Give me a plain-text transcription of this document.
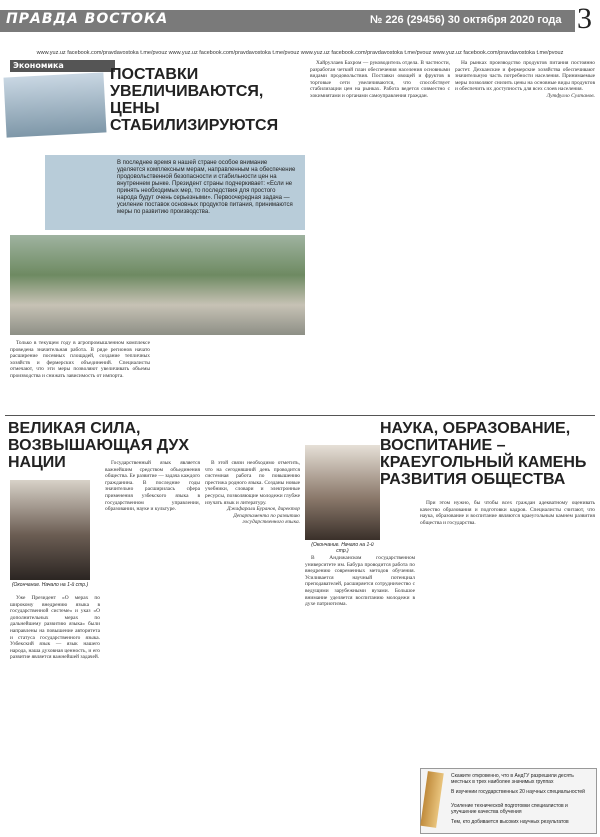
ПРАВДА ВОСТОКА	№ 226 (29456) 30 октября 2020 года 3
www.yuz.uz facebook.com/pravdavostoka t.me/pvouz www.yuz.uz facebook.com/pravdavostoka t.me/pvouz www.yuz.uz facebook.com/pravdavostoka t.me/pvouz www.yuz.uz facebook.com/pravdavostoka t.me/pvouz
Экономика
ПОСТАВКИ УВЕЛИЧИВАЮТСЯ, ЦЕНЫ СТАБИЛИЗИРУЮТСЯ
В последнее время в нашей стране особое внимание уделяется комплексным мерам, направленным на обеспечение продовольственной безопасности и стабильности цен на внутреннем рынке. Президент страны подчеркивает: «Если не принять необходимых мер, то последствия для простого народа будут очень серьезными». Первоочередная задача — усиление поставок основных продуктов питания, принимаются меры по развитию производства.

Только в текущем году в агропромышленном комплексе проведена значительная работа. В ряде регионов начато расширение посевных площадей, создание тепличных хозяйств и фермерских объединений. Специалисты отмечают, что эти меры позволяют увеличивать объемы производства и снижать зависимость от импорта.

Хайруллаев Бахром — руководитель отдела. В частности, разработан четкий план обеспечения населения основными видами продовольствия. Поставки овощей и фруктов в торговые сети увеличиваются, что способствует стабилизации цен на рынках. Работа ведется совместно с хокимиятами и органами самоуправления граждан.

На рынках производство продуктов питания постоянно растет. Дехканские и фермерские хозяйства обеспечивают значительную часть потребности населения. Принимаемые меры позволяют снизить цены на основные виды продуктов и обеспечить их доступность для всех слоев населения.

Лутфулло Султанов.

ВЕЛИКАЯ СИЛА, ВОЗВЫШАЮЩАЯ ДУХ НАЦИИ
(Окончание. Начало на 1-й стр.)

Уже Президент «О мерах по широкому внедрению языка в государственной системе» и указ «О дополнительных мерах по дальнейшему развитию языка» были направлены на повышение авторитета и статуса государственного языка. Узбекский язык — язык нашего народа, наша духовная ценность, и его развитие является важнейшей задачей.

Государственный язык является важнейшим средством объединения общества. Ее развитие — задача каждого гражданина. В последние годы значительно расширилась сфера применения узбекского языка в государственном управлении, образовании, науке и культуре.

В этой связи необходимо отметить, что на сегодняшний день проводится системная работа по повышению престижа родного языка. Созданы новые учебники, словари и электронные ресурсы, позволяющие молодежи глубже изучать язык и литературу.

Джафарали Буранов, директор Департамента по развитию государственного языка.

НАУКА, ОБРАЗОВАНИЕ, ВОСПИТАНИЕ – КРАЕУГОЛЬНЫЙ КАМЕНЬ РАЗВИТИЯ ОБЩЕСТВА
(Окончание. Начало на 1-й стр.)

В Андижанском государственном университете им. Бабура проводится работа по внедрению современных методов обучения. Усиливается научный потенциал преподавателей, расширяется сотрудничество с ведущими зарубежными вузами. Большое внимание уделяется воспитанию молодежи в духе патриотизма.

При этом нужно, бы чтобы всех граждан адекватному оценивать качество образования и подготовки кадров. Специалисты считают, что наука, образование и воспитание являются краеугольным камнем развития общества и государства.

Скажите откровенно, что в АндГУ разрешили десять местных в трех наиболее значимых группах
В изучении государственных 20 научных специальностей
Усиление технической подготовки специалистов и улучшение качества обучения
Тем, кто добивается высоких научных результатов
